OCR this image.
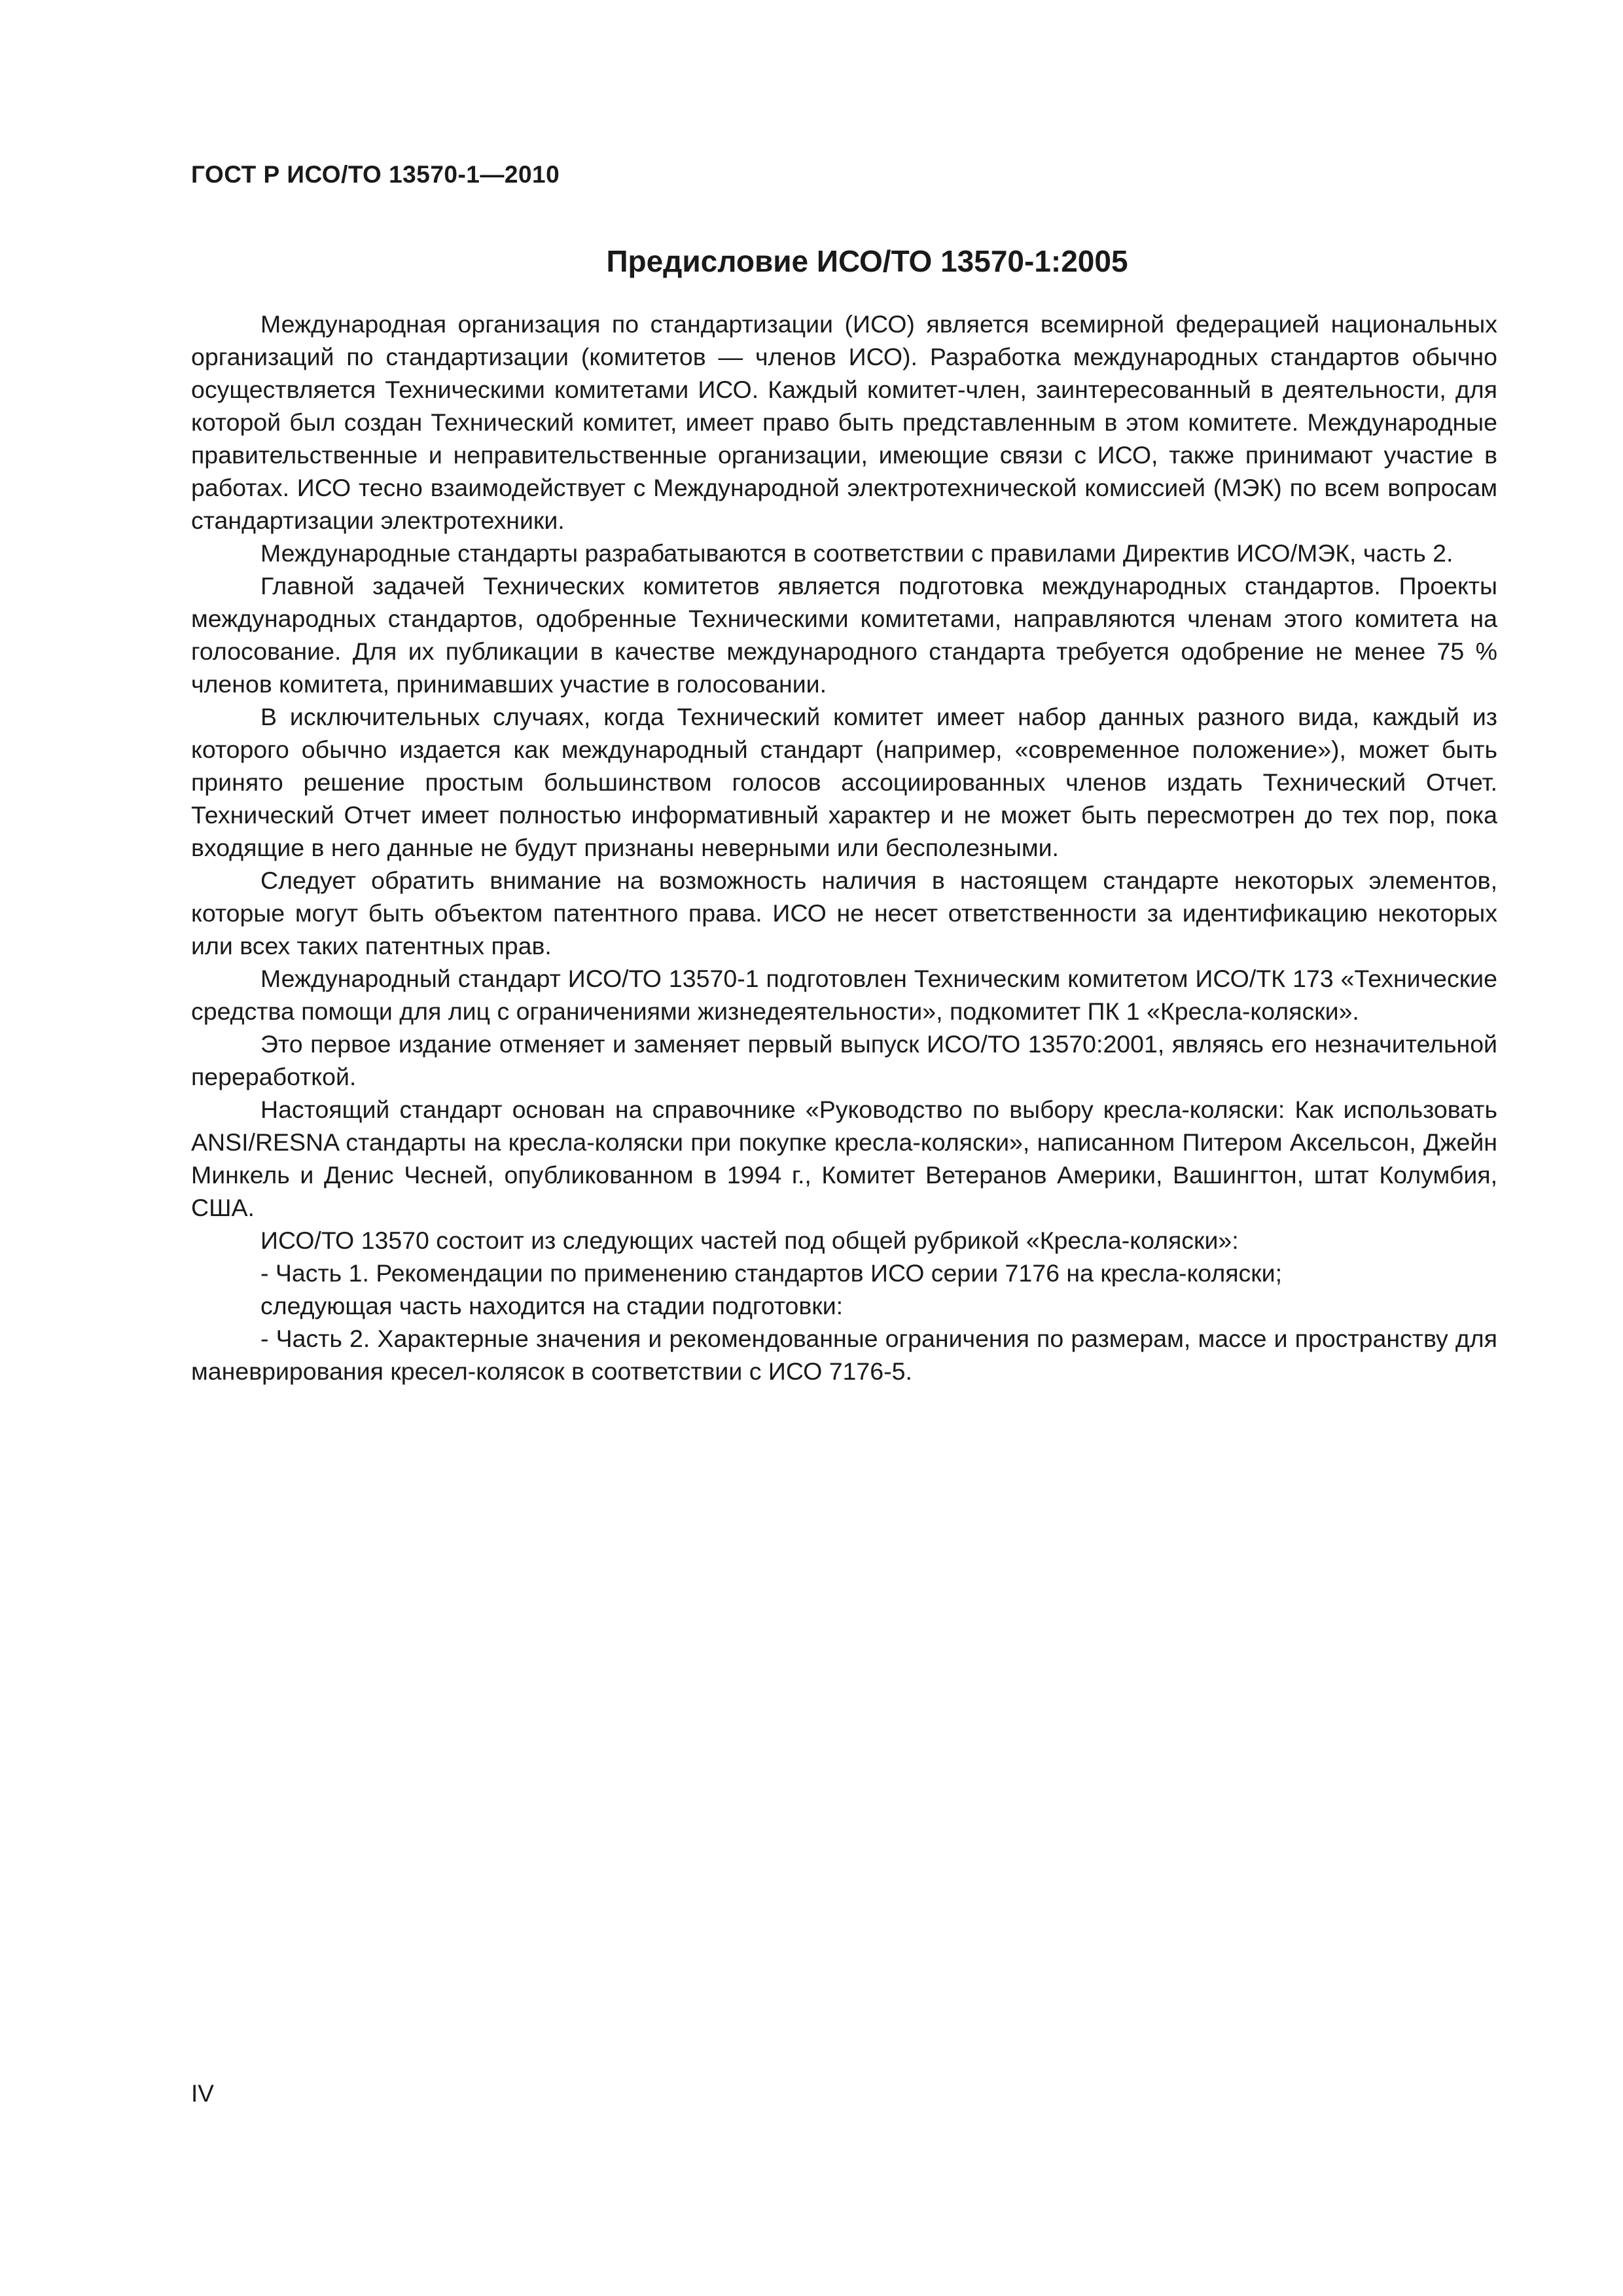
ГОСТ Р ИСО/ТО 13570-1—2010

Предисловие ИСО/ТО 13570-1:2005

Международная организация по стандартизации (ИСО) является всемирной федерацией национальных организаций по стандартизации (комитетов — членов ИСО). Разработка международных стандартов обычно осуществляется Техническими комитетами ИСО. Каждый комитет-член, заинтересованный в деятельности, для которой был создан Технический комитет, имеет право быть представленным в этом комитете. Международные правительственные и неправительственные организации, имеющие связи с ИСО, также принимают участие в работах. ИСО тесно взаимодействует с Международной электротехнической комиссией (МЭК) по всем вопросам стандартизации электротехники.

Международные стандарты разрабатываются в соответствии с правилами Директив ИСО/МЭК, часть 2.

Главной задачей Технических комитетов является подготовка международных стандартов. Проекты международных стандартов, одобренные Техническими комитетами, направляются членам этого комитета на голосование. Для их публикации в качестве международного стандарта требуется одобрение не менее 75 % членов комитета, принимавших участие в голосовании.

В исключительных случаях, когда Технический комитет имеет набор данных разного вида, каждый из которого обычно издается как международный стандарт (например, «современное положение»), может быть принято решение простым большинством голосов ассоциированных членов издать Технический Отчет. Технический Отчет имеет полностью информативный характер и не может быть пересмотрен до тех пор, пока входящие в него данные не будут признаны неверными или бесполезными.

Следует обратить внимание на возможность наличия в настоящем стандарте некоторых элементов, которые могут быть объектом патентного права. ИСО не несет ответственности за идентификацию некоторых или всех таких патентных прав.

Международный стандарт ИСО/ТО 13570-1 подготовлен Техническим комитетом ИСО/ТК 173 «Технические средства помощи для лиц с ограничениями жизнедеятельности», подкомитет ПК 1 «Кресла-коляски».

Это первое издание отменяет и заменяет первый выпуск ИСО/ТО 13570:2001, являясь его незначительной переработкой.

Настоящий стандарт основан на справочнике «Руководство по выбору кресла-коляски: Как использовать ANSI/RESNA стандарты на кресла-коляски при покупке кресла-коляски», написанном Питером Аксельсон, Джейн Минкель и Денис Чесней, опубликованном в 1994 г., Комитет Ветеранов Америки, Вашингтон, штат Колумбия, США.

ИСО/ТО 13570 состоит из следующих частей под общей рубрикой «Кресла-коляски»:

- Часть 1. Рекомендации по применению стандартов ИСО серии 7176 на кресла-коляски;

следующая часть находится на стадии подготовки:

- Часть 2. Характерные значения и рекомендованные ограничения по размерам, массе и пространству для маневрирования кресел-колясок в соответствии с ИСО 7176-5.

IV
